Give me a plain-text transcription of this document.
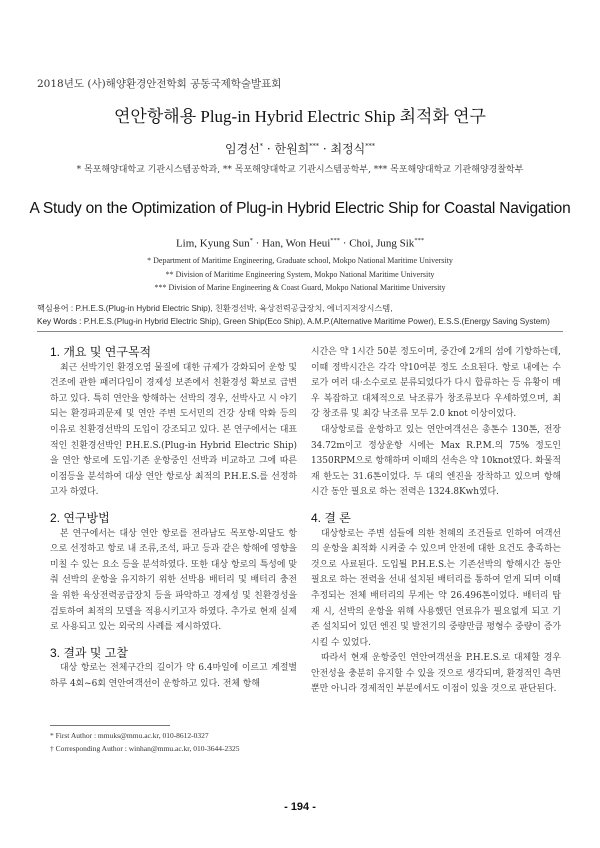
2018년도 (사)해양환경안전학회 공동국제학술발표회
연안항해용 Plug-in Hybrid Electric Ship 최적화 연구
임경선* · 한원희*** · 최정식***
* 목포해양대학교 기관시스템공학과, ** 목포해양대학교 기관시스템공학부, *** 목포해양대학교 기관해양경찰학부
A Study on the Optimization of Plug-in Hybrid Electric Ship for Coastal Navigation
Lim, Kyung Sun* · Han, Won Heui*** · Choi, Jung Sik***
* Department of Maritime Engineering, Graduate school, Mokpo National Maritime University
** Division of Maritime Engineering System, Mokpo National Maritime University
*** Division of Marine Engineering & Coast Guard, Mokpo National Maritime University
핵심용어 : P.H.E.S.(Plug-in Hybrid Electric Ship), 친환경선박, 육상전력공급장치, 에너지저장시스템,
Key Words : P.H.E.S.(Plug-in Hybrid Electric Ship), Green Ship(Eco Ship), A.M.P.(Alternative Maritime Power), E.S.S.(Energy Saving System)
1. 개요 및 연구목적
최근 선박기인 환경오염 물질에 대한 규제가 강화되어 운항 및 건조에 관한 패러다임이 경제성 보존에서 친환경성 확보로 급변하고 있다. 특히 연안을 항해하는 선박의 경우, 선박사고 시 야기되는 환경파괴문제 및 연안 주변 도서민의 건강 상태 악화 등의 이유로 친환경선박의 도입이 강조되고 있다. 본 연구에서는 대표적인 친환경선박인 P.H.E.S.(Plug-in Hybrid Electric Ship)을 연안 항로에 도입·기존 운항중인 선박과 비교하고 그에 따른 이점등을 분석하여 대상 연안 항로상 최적의 P.H.E.S.를 선정하고자 하였다.
2. 연구방법
본 연구에서는 대상 연안 항로를 전라남도 목포항-외달도 항으로 선정하고 항로 내 조류,조석, 파고 등과 같은 항해에 영향을 미칠 수 있는 요소 등을 분석하였다. 또한 대상 항로의 특성에 맞춰 선박의 운항을 유지하기 위한 선박용 배터리 및 배터리 충전을 위한 육상전력공급장치 등을 파악하고 경제성 및 친환경성을 검토하여 최적의 모델을 적용시키고자 하였다. 추가로 현재 실제로 사용되고 있는 외국의 사례를 제시하였다.
3. 결과 및 고찰
대상 항로는 전체구간의 길이가 약 6.4마일에 이르고 계절별 하루 4회~6회 연안여객선이 운항하고 있다. 전체 항해
시간은 약 1시간 50분 정도이며, 중간에 2개의 섬에 기항하는데, 이때 정박시간은 각각 약10여분 정도 소요된다. 항로 내에는 수로가 여러 대·소수로로 분류되었다가 다시 합류하는 등 유황이 매우 복잡하고 대체적으로 낙조류가 창조류보다 우세하였으며, 최강 창조류 및 최강 낙조류 모두 2.0 knot 이상이었다.
대상항로를 운항하고 있는 연안여객선은 총톤수 130톤, 전장 34.72m이고 정상운항 시에는 Max R.P.M.의 75% 정도인 1350RPM으로 항해하며 이때의 선속은 약 10knot였다. 화물적재 한도는 31.6톤이었다. 두 대의 엔진을 장착하고 있으며 항해시간 동안 필요로 하는 전력은 1324.8Kwh였다.
4. 결 론
대상항로는 주변 섬들에 의한 천혜의 조건들로 인하여 여객선의 운항을 최적화 시켜줄 수 있으며 안전에 대한 요건도 충족하는 것으로 사료된다. 도입될 P.H.E.S.는 기존선박의 항해시간 동안 필요로 하는 전력을 선내 설치된 배터리를 통하여 얻게 되며 이때 추정되는 전체 배터리의 무게는 약 26.496톤이었다. 배터리 탑재 시, 선박의 운항을 위해 사용했던 연료유가 필요없게 되고 기존 설치되어 있던 엔진 및 발전기의 중량만큼 평형수 중량이 증가시킬 수 있었다.
따라서 현재 운항중인 연안여객선을 P.H.E.S.로 대체할 경우 안전성을 충분히 유지할 수 있을 것으로 생각되며, 환경적인 측면 뿐만 아니라 경제적인 부분에서도 이점이 있을 것으로 판단된다.
* First Author : mmuks@mmu.ac.kr, 010-8612-0327
† Corresponding Author : winhan@mmu.ac.kr, 010-3644-2325
- 194 -
